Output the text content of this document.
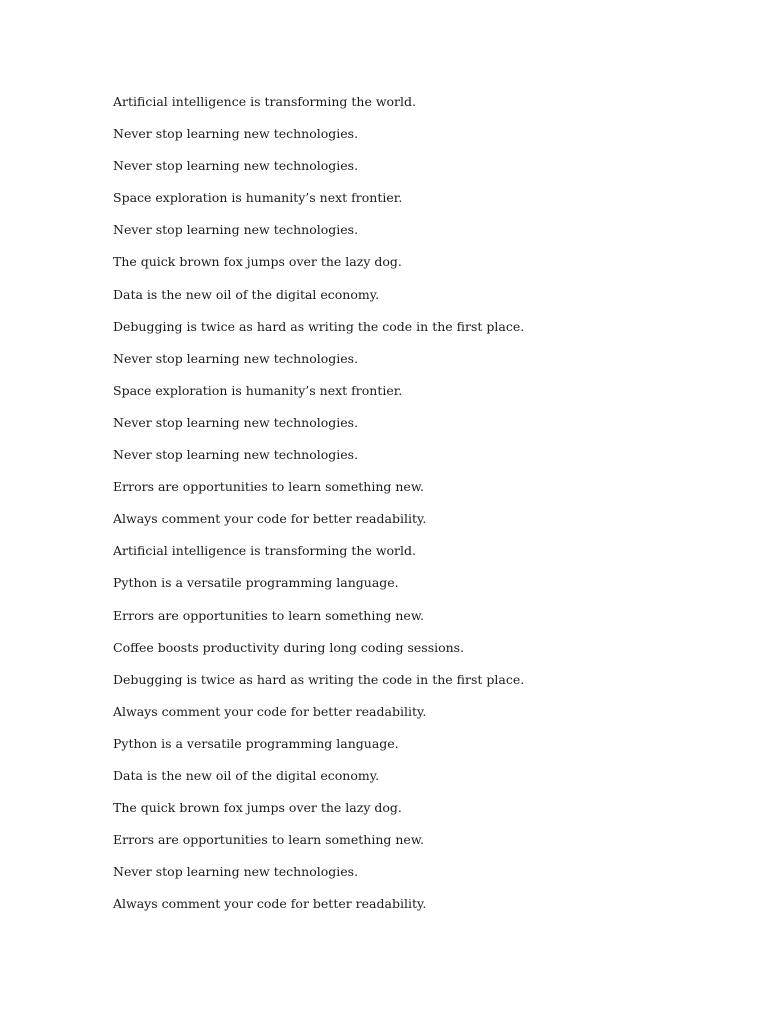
Artificial intelligence is transforming the world.
Never stop learning new technologies.
Never stop learning new technologies.
Space exploration is humanity’s next frontier.
Never stop learning new technologies.
The quick brown fox jumps over the lazy dog.
Data is the new oil of the digital economy.
Debugging is twice as hard as writing the code in the first place.
Never stop learning new technologies.
Space exploration is humanity’s next frontier.
Never stop learning new technologies.
Never stop learning new technologies.
Errors are opportunities to learn something new.
Always comment your code for better readability.
Artificial intelligence is transforming the world.
Python is a versatile programming language.
Errors are opportunities to learn something new.
Coffee boosts productivity during long coding sessions.
Debugging is twice as hard as writing the code in the first place.
Always comment your code for better readability.
Python is a versatile programming language.
Data is the new oil of the digital economy.
The quick brown fox jumps over the lazy dog.
Errors are opportunities to learn something new.
Never stop learning new technologies.
Always comment your code for better readability.
